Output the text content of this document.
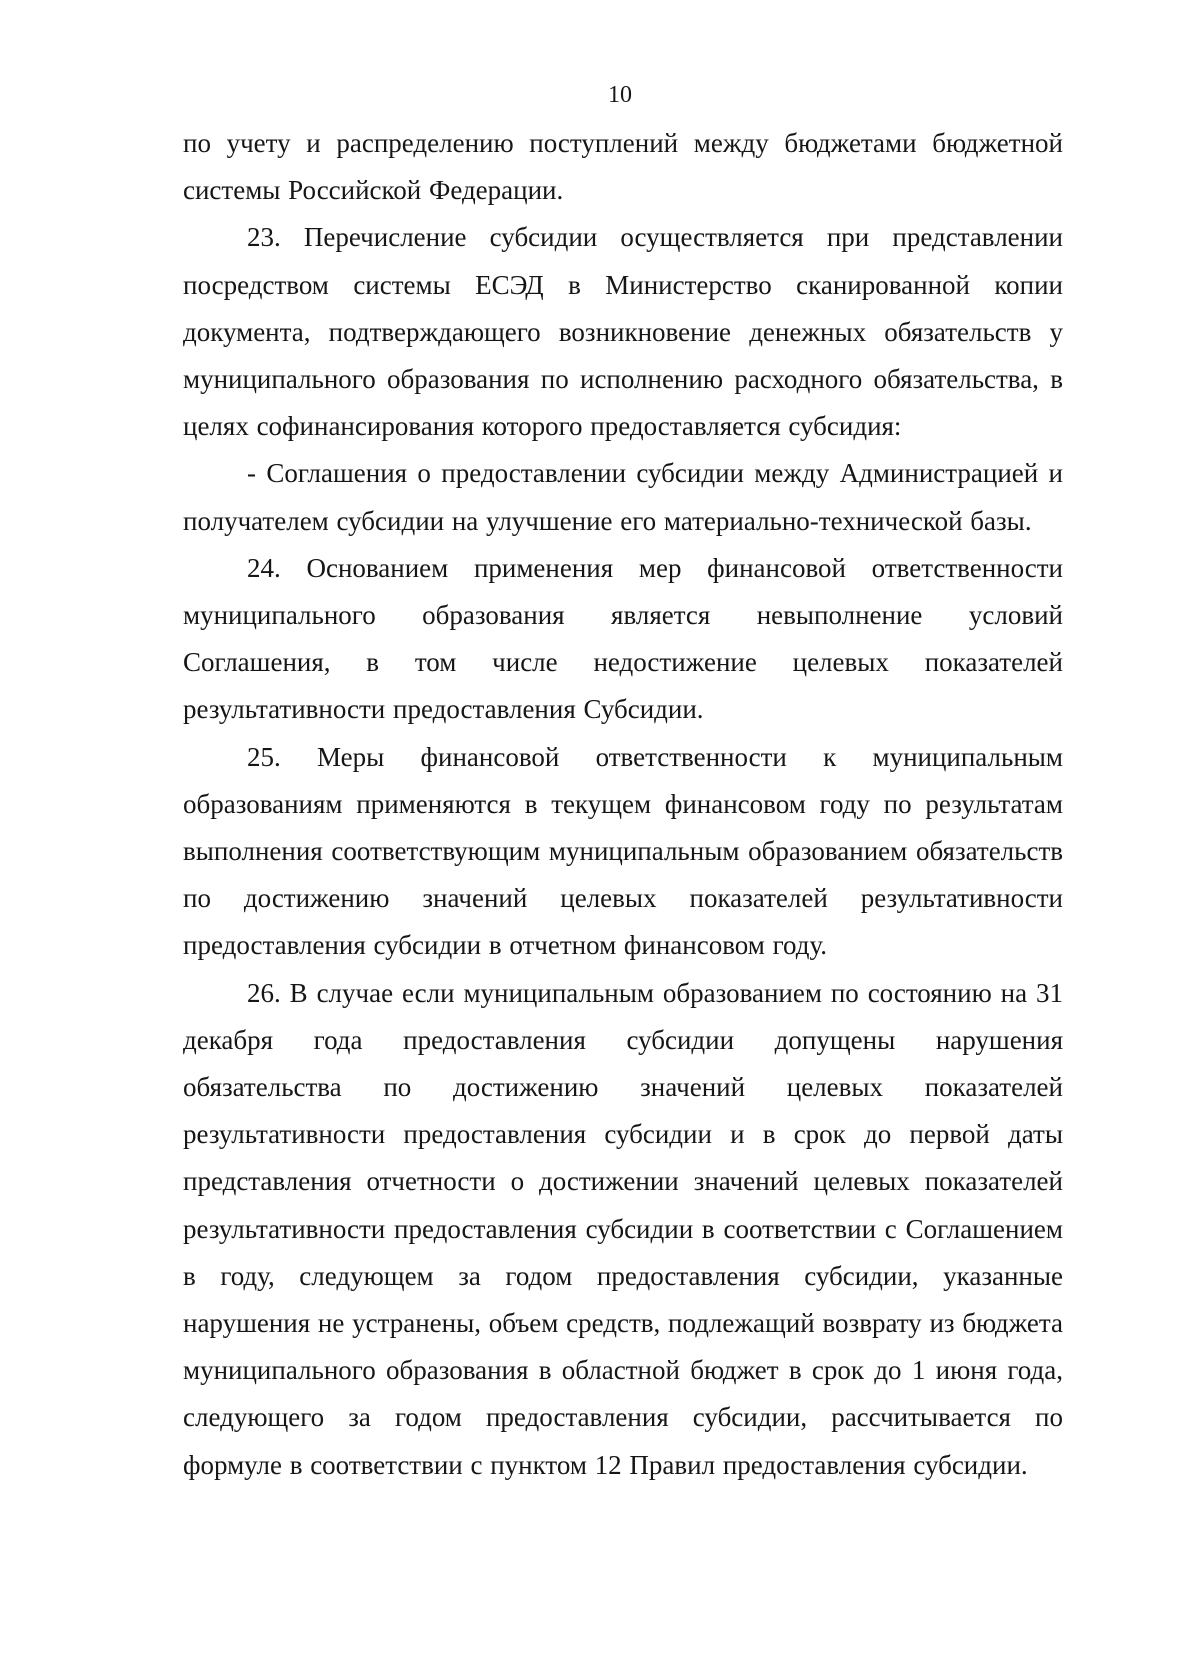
10

по учету и распределению поступлений между бюджетами бюджетной системы Российской Федерации.

23. Перечисление субсидии осуществляется при представлении посредством системы ЕСЭД в Министерство сканированной копии документа, подтверждающего возникновение денежных обязательств у муниципального образования по исполнению расходного обязательства, в целях софинансирования которого предоставляется субсидия:

- Соглашения о предоставлении субсидии между Администрацией и получателем субсидии на улучшение его материально-технической базы.

24. Основанием применения мер финансовой ответственности муниципального образования является невыполнение условий Соглашения, в том числе недостижение целевых показателей результативности предоставления Субсидии.

25. Меры финансовой ответственности к муниципальным образованиям применяются в текущем финансовом году по результатам выполнения соответствующим муниципальным образованием обязательств по достижению значений целевых показателей результативности предоставления субсидии в отчетном финансовом году.

26. В случае если муниципальным образованием по состоянию на 31 декабря года предоставления субсидии допущены нарушения обязательства по достижению значений целевых показателей результативности предоставления субсидии и в срок до первой даты представления отчетности о достижении значений целевых показателей результативности предоставления субсидии в соответствии с Соглашением в году, следующем за годом предоставления субсидии, указанные нарушения не устранены, объем средств, подлежащий возврату из бюджета муниципального образования в областной бюджет в срок до 1 июня года, следующего за годом предоставления субсидии, рассчитывается по формуле в соответствии с пунктом 12 Правил предоставления субсидии.
